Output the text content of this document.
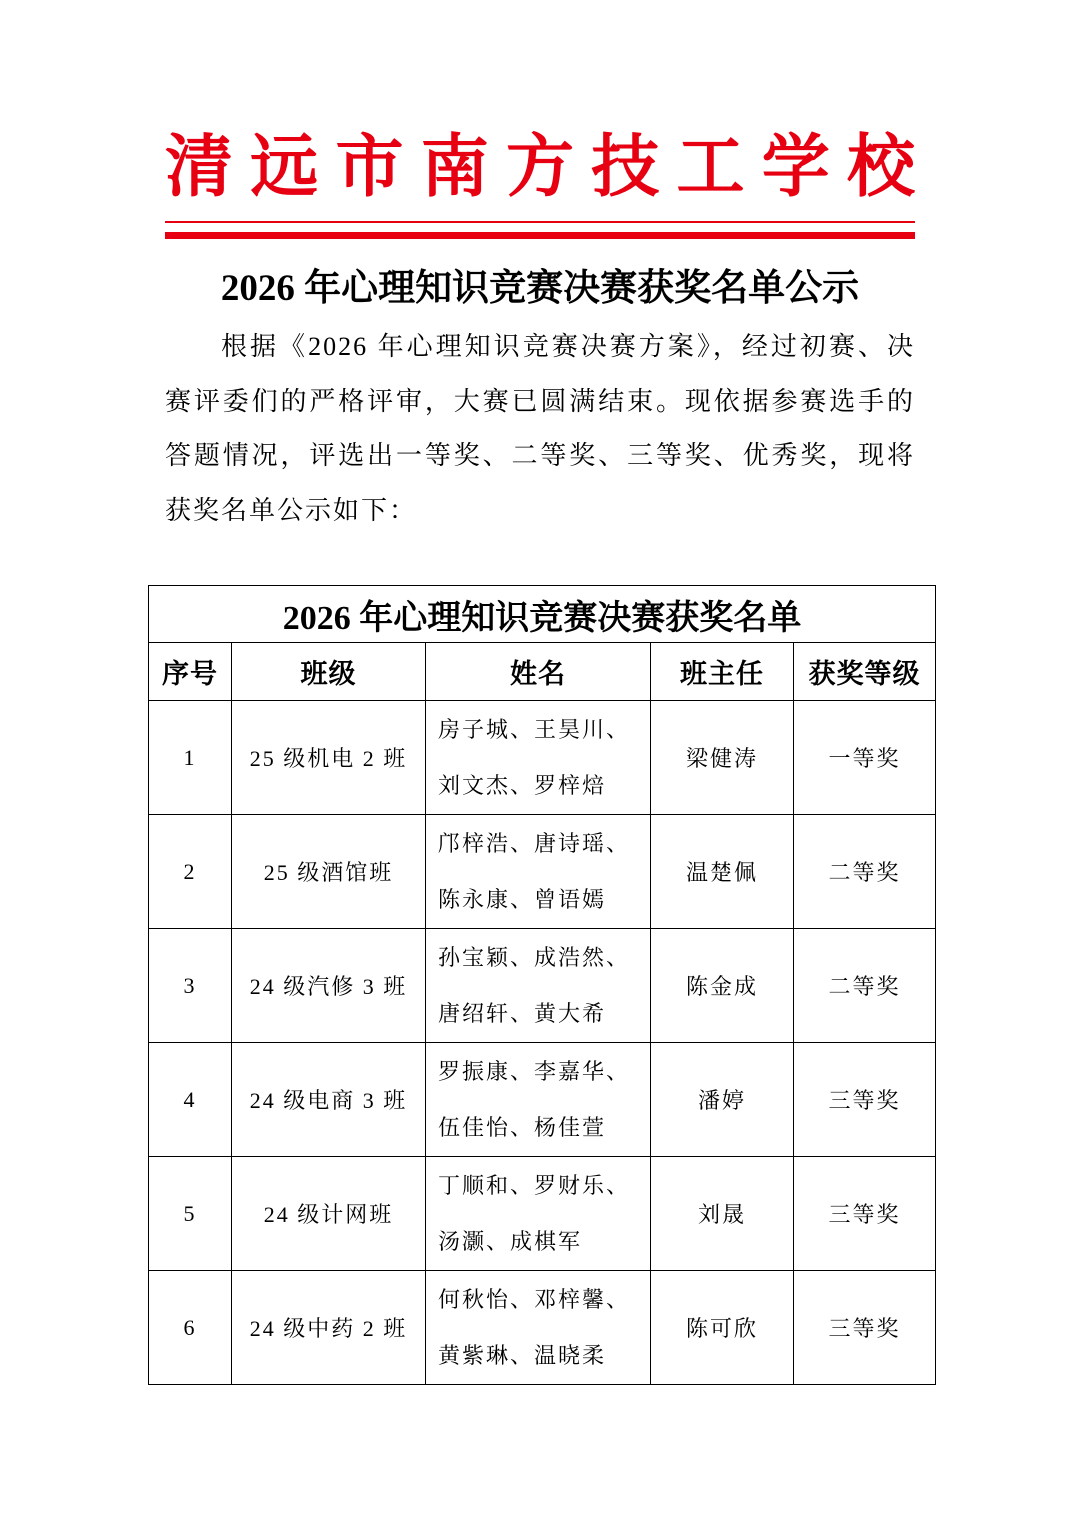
清远市南方技工学校
2026 年心理知识竞赛决赛获奖名单公示

根据《2026 年心理知识竞赛决赛方案》，经过初赛、决赛评委们的严格评审，大赛已圆满结束。现依据参赛选手的答题情况，评选出一等奖、二等奖、三等奖、优秀奖，现将获奖名单公示如下：

2026 年心理知识竞赛决赛获奖名单				
序号	班级	姓名	班主任	获奖等级
1	25 级机电 2 班	房子城、王昊川、刘文杰、罗梓焙	梁健涛	一等奖
2	25 级酒馆班	邝梓浩、唐诗瑶、陈永康、曾语嫣	温楚佩	二等奖
3	24 级汽修 3 班	孙宝颖、成浩然、唐绍轩、黄大希	陈金成	二等奖
4	24 级电商 3 班	罗振康、李嘉华、伍佳怡、杨佳萱	潘婷	三等奖
5	24 级计网班	丁顺和、罗财乐、汤灏、成棋军	刘晟	三等奖
6	24 级中药 2 班	何秋怡、邓梓馨、黄紫琳、温晓柔	陈可欣	三等奖
